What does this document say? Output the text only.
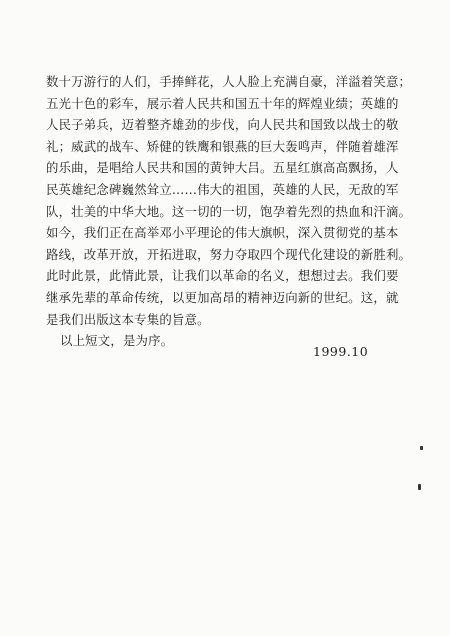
数十万游行的人们，手捧鲜花，人人脸上充满自豪，洋溢着笑意；
五光十色的彩车，展示着人民共和国五十年的辉煌业绩；英雄的
人民子弟兵，迈着整齐雄劲的步伐，向人民共和国致以战士的敬
礼；威武的战车、矫健的铁鹰和银燕的巨大轰鸣声，伴随着雄浑
的乐曲，是唱给人民共和国的黄钟大吕。五星红旗高高飘扬，人
民英雄纪念碑巍然耸立……伟大的祖国，英雄的人民，无敌的军
队，壮美的中华大地。这一切的一切，饱孕着先烈的热血和汗滴。
如今，我们正在高举邓小平理论的伟大旗帜，深入贯彻党的基本
路线，改革开放，开拓进取，努力夺取四个现代化建设的新胜利。
此时此景，此情此景，让我们以革命的名义，想想过去。我们要
继承先辈的革命传统，以更加高昂的精神迈向新的世纪。这，就
是我们出版这本专集的旨意。
以上短文，是为序。
1999.10
